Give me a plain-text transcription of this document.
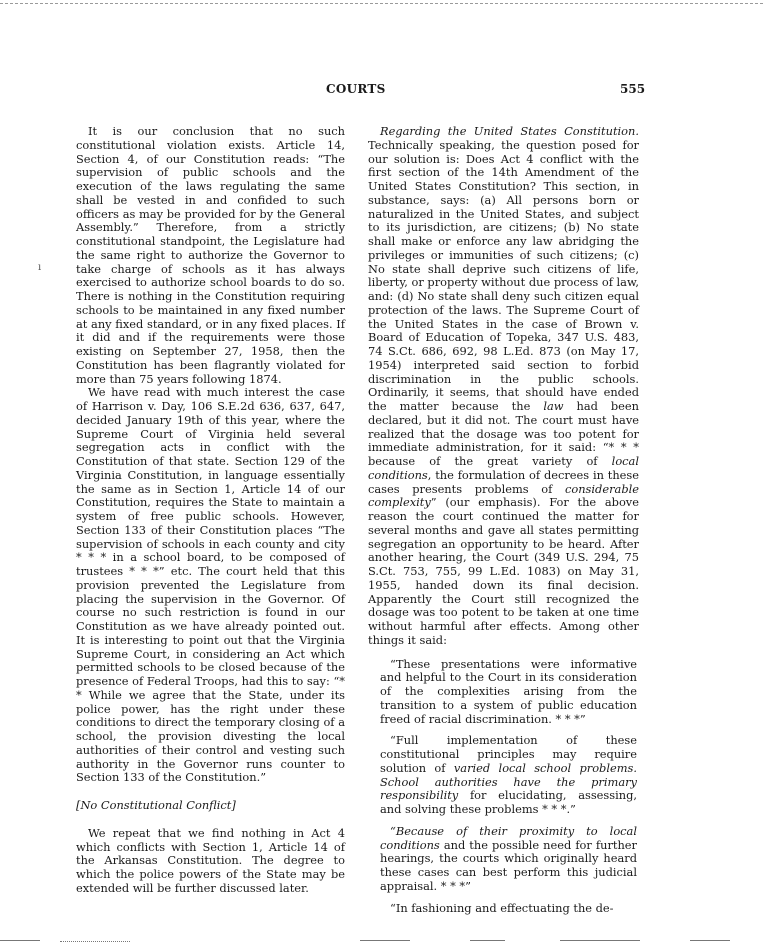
COURTS	555
ı

It is our conclusion that no such constitutional violation exists. Article 14, Section 4, of our Constitution reads: “The supervision of public schools and the execution of the laws regulating the same shall be vested in and confided to such officers as may be provided for by the General Assembly.” Therefore, from a strictly constitutional standpoint, the Legislature had the same right to authorize the Governor to take charge of schools as it has always exercised to authorize school boards to do so. There is nothing in the Constitution requiring schools to be maintained in any fixed number at any fixed standard, or in any fixed places. If it did and if the requirements were those existing on September 27, 1958, then the Constitution has been flagrantly violated for more than 75 years following 1874.

We have read with much interest the case of Harrison v. Day, 106 S.E.2d 636, 637, 647, decided January 19th of this year, where the Supreme Court of Virginia held several segregation acts in conflict with the Constitution of that state. Section 129 of the Virginia Constitution, in language essentially the same as in Section 1, Article 14 of our Constitution, requires the State to maintain a system of free public schools. However, Section 133 of their Constitution places “The supervision of schools in each county and city * * * in a school board, to be composed of trustees * * *” etc. The court held that this provision prevented the Legislature from placing the supervision in the Governor. Of course no such restriction is found in our Constitution as we have already pointed out. It is interesting to point out that the Virginia Supreme Court, in considering an Act which permitted schools to be closed because of the presence of Federal Troops, had this to say: “* * While we agree that the State, under its police power, has the right under these conditions to direct the temporary closing of a school, the provision divesting the local authorities of their control and vesting such authority in the Governor runs counter to Section 133 of the Constitution.”

[No Constitutional Conflict]

We repeat that we find nothing in Act 4 which conflicts with Section 1, Article 14 of the Arkansas Constitution. The degree to which the police powers of the State may be extended will be further discussed later.

Regarding the United States Constitution. Technically speaking, the question posed for our solution is: Does Act 4 conflict with the first section of the 14th Amendment of the United States Constitution? This section, in substance, says: (a) All persons born or naturalized in the United States, and subject to its jurisdiction, are citizens; (b) No state shall make or enforce any law abridging the privileges or immunities of such citizens; (c) No state shall deprive such citizens of life, liberty, or property without due process of law, and: (d) No state shall deny such citizen equal protection of the laws. The Supreme Court of the United States in the case of Brown v. Board of Education of Topeka, 347 U.S. 483, 74 S.Ct. 686, 692, 98 L.Ed. 873 (on May 17, 1954) interpreted said section to forbid discrimination in the public schools. Ordinarily, it seems, that should have ended the matter because the law had been declared, but it did not. The court must have realized that the dosage was too potent for immediate administration, for it said: “* * * because of the great variety of local conditions, the formulation of decrees in these cases presents problems of considerable complexity” (our emphasis). For the above reason the court continued the matter for several months and gave all states permitting segregation an opportunity to be heard. After another hearing, the Court (349 U.S. 294, 75 S.Ct. 753, 755, 99 L.Ed. 1083) on May 31, 1955, handed down its final decision. Apparently the Court still recognized the dosage was too potent to be taken at one time without harmful after effects. Among other things it said:

“These presentations were informative and helpful to the Court in its consideration of the complexities arising from the transition to a system of public education freed of racial discrimination. * * *”

“Full implementation of these constitutional principles may require solution of varied local school problems. School authorities have the primary responsibility for elucidating, assessing, and solving these problems * * *.”

“Because of their proximity to local conditions and the possible need for further hearings, the courts which originally heard these cases can best perform this judicial appraisal. * * *”

“In fashioning and effectuating the de-
